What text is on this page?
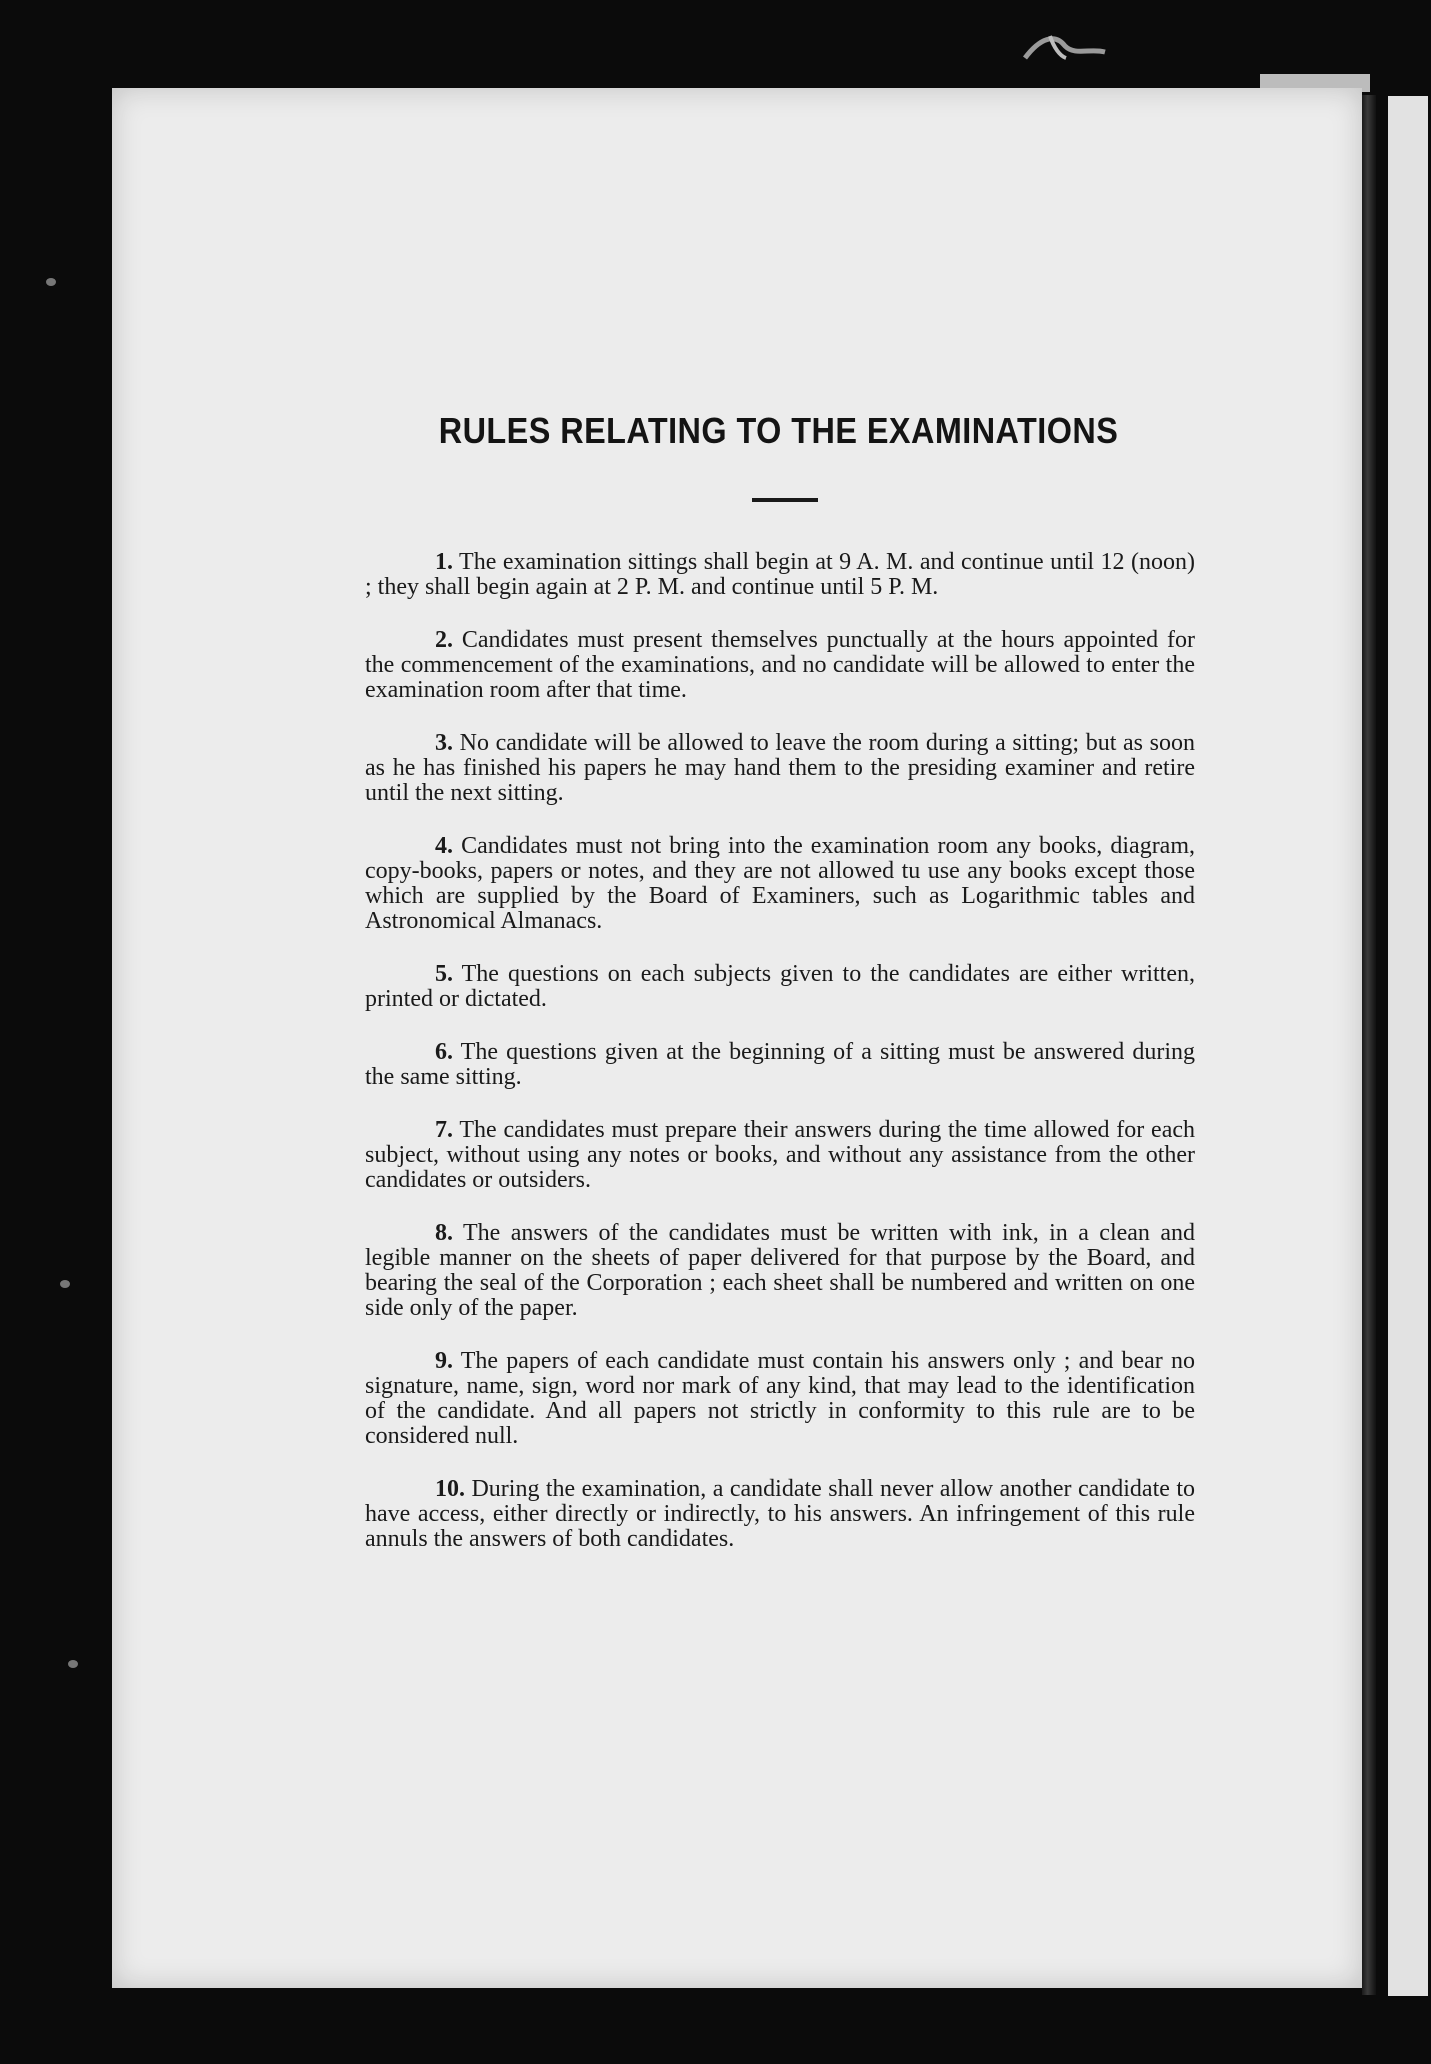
RULES RELATING TO THE EXAMINATIONS

1. The examination sittings shall begin at 9 A. M. and continue until 12 (noon) ; they shall begin again at 2 P. M. and continue until 5 P. M.

2. Candidates must present themselves punctually at the hours appointed for the commencement of the examinations, and no candidate will be allowed to enter the examination room after that time.

3. No candidate will be allowed to leave the room during a sitting; but as soon as he has finished his papers he may hand them to the presiding examiner and retire until the next sitting.

4. Candidates must not bring into the examination room any books, diagram, copy-books, papers or notes, and they are not allowed tu use any books except those which are supplied by the Board of Examiners, such as Logarithmic tables and Astronomical Almanacs.

5. The questions on each subjects given to the candidates are either written, printed or dictated.

6. The questions given at the beginning of a sitting must be answered during the same sitting.

7. The candidates must prepare their answers during the time allowed for each subject, without using any notes or books, and without any assistance from the other candidates or outsiders.

8. The answers of the candidates must be written with ink, in a clean and legible manner on the sheets of paper delivered for that purpose by the Board, and bearing the seal of the Corporation ; each sheet shall be numbered and written on one side only of the paper.

9. The papers of each candidate must contain his answers only ; and bear no signature, name, sign, word nor mark of any kind, that may lead to the identification of the candidate. And all papers not strictly in conformity to this rule are to be considered null.

10. During the examination, a candidate shall never allow another candidate to have access, either directly or indirectly, to his answers. An infringement of this rule annuls the answers of both candidates.
